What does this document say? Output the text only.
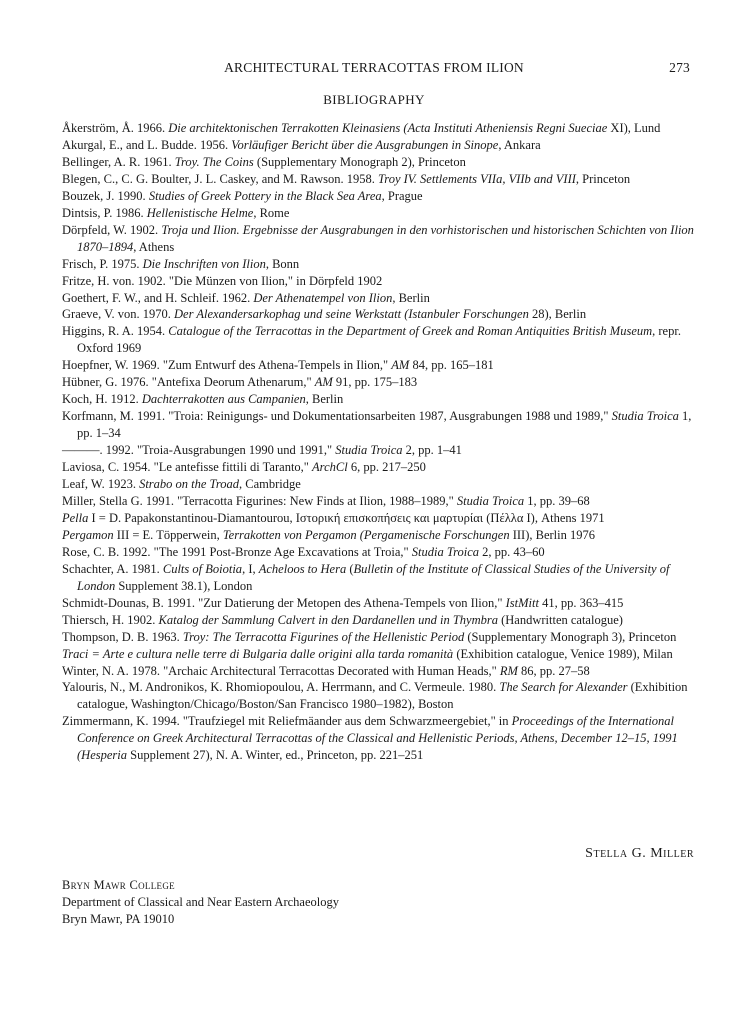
ARCHITECTURAL TERRACOTTAS FROM ILION	273
BIBLIOGRAPHY

Åkerström, Å. 1966. Die architektonischen Terrakotten Kleinasiens (Acta Instituti Atheniensis Regni Sueciae XI), Lund

Akurgal, E., and L. Budde. 1956. Vorläufiger Bericht über die Ausgrabungen in Sinope, Ankara

Bellinger, A. R. 1961. Troy. The Coins (Supplementary Monograph 2), Princeton

Blegen, C., C. G. Boulter, J. L. Caskey, and M. Rawson. 1958. Troy IV. Settlements VIIa, VIIb and VIII, Princeton

Bouzek, J. 1990. Studies of Greek Pottery in the Black Sea Area, Prague

Dintsis, P. 1986. Hellenistische Helme, Rome

Dörpfeld, W. 1902. Troja und Ilion. Ergebnisse der Ausgrabungen in den vorhistorischen und historischen Schichten von Ilion 1870–1894, Athens

Frisch, P. 1975. Die Inschriften von Ilion, Bonn

Fritze, H. von. 1902. "Die Münzen von Ilion," in Dörpfeld 1902

Goethert, F. W., and H. Schleif. 1962. Der Athenatempel von Ilion, Berlin

Graeve, V. von. 1970. Der Alexandersarkophag und seine Werkstatt (Istanbuler Forschungen 28), Berlin

Higgins, R. A. 1954. Catalogue of the Terracottas in the Department of Greek and Roman Antiquities British Museum, repr. Oxford 1969

Hoepfner, W. 1969. "Zum Entwurf des Athena-Tempels in Ilion," AM 84, pp. 165–181

Hübner, G. 1976. "Antefixa Deorum Athenarum," AM 91, pp. 175–183

Koch, H. 1912. Dachterrakotten aus Campanien, Berlin

Korfmann, M. 1991. "Troia: Reinigungs- und Dokumentationsarbeiten 1987, Ausgrabungen 1988 und 1989," Studia Troica 1, pp. 1–34

———. 1992. "Troia-Ausgrabungen 1990 und 1991," Studia Troica 2, pp. 1–41

Laviosa, C. 1954. "Le antefisse fittili di Taranto," ArchCl 6, pp. 217–250

Leaf, W. 1923. Strabo on the Troad, Cambridge

Miller, Stella G. 1991. "Terracotta Figurines: New Finds at Ilion, 1988–1989," Studia Troica 1, pp. 39–68

Pella I = D. Papakonstantinou-Diamantourou, Ιστορική επισκοπήσεις και μαρτυρίαι (Πέλλα I), Athens 1971

Pergamon III = E. Töpperwein, Terrakotten von Pergamon (Pergamenische Forschungen III), Berlin 1976

Rose, C. B. 1992. "The 1991 Post-Bronze Age Excavations at Troia," Studia Troica 2, pp. 43–60

Schachter, A. 1981. Cults of Boiotia, I, Acheloos to Hera (Bulletin of the Institute of Classical Studies of the University of London Supplement 38.1), London

Schmidt-Dounas, B. 1991. "Zur Datierung der Metopen des Athena-Tempels von Ilion," IstMitt 41, pp. 363–415

Thiersch, H. 1902. Katalog der Sammlung Calvert in den Dardanellen und in Thymbra (Handwritten catalogue)

Thompson, D. B. 1963. Troy: The Terracotta Figurines of the Hellenistic Period (Supplementary Monograph 3), Princeton

Traci = Arte e cultura nelle terre di Bulgaria dalle origini alla tarda romanità (Exhibition catalogue, Venice 1989), Milan

Winter, N. A. 1978. "Archaic Architectural Terracottas Decorated with Human Heads," RM 86, pp. 27–58

Yalouris, N., M. Andronikos, K. Rhomiopoulou, A. Herrmann, and C. Vermeule. 1980. The Search for Alexander (Exhibition catalogue, Washington/Chicago/Boston/San Francisco 1980–1982), Boston

Zimmermann, K. 1994. "Traufziegel mit Reliefmäander aus dem Schwarzmeergebiet," in Proceedings of the International Conference on Greek Architectural Terracottas of the Classical and Hellenistic Periods, Athens, December 12–15, 1991 (Hesperia Supplement 27), N. A. Winter, ed., Princeton, pp. 221–251

Stella G. Miller
Bryn Mawr College
Department of Classical and Near Eastern Archaeology
Bryn Mawr, PA 19010
